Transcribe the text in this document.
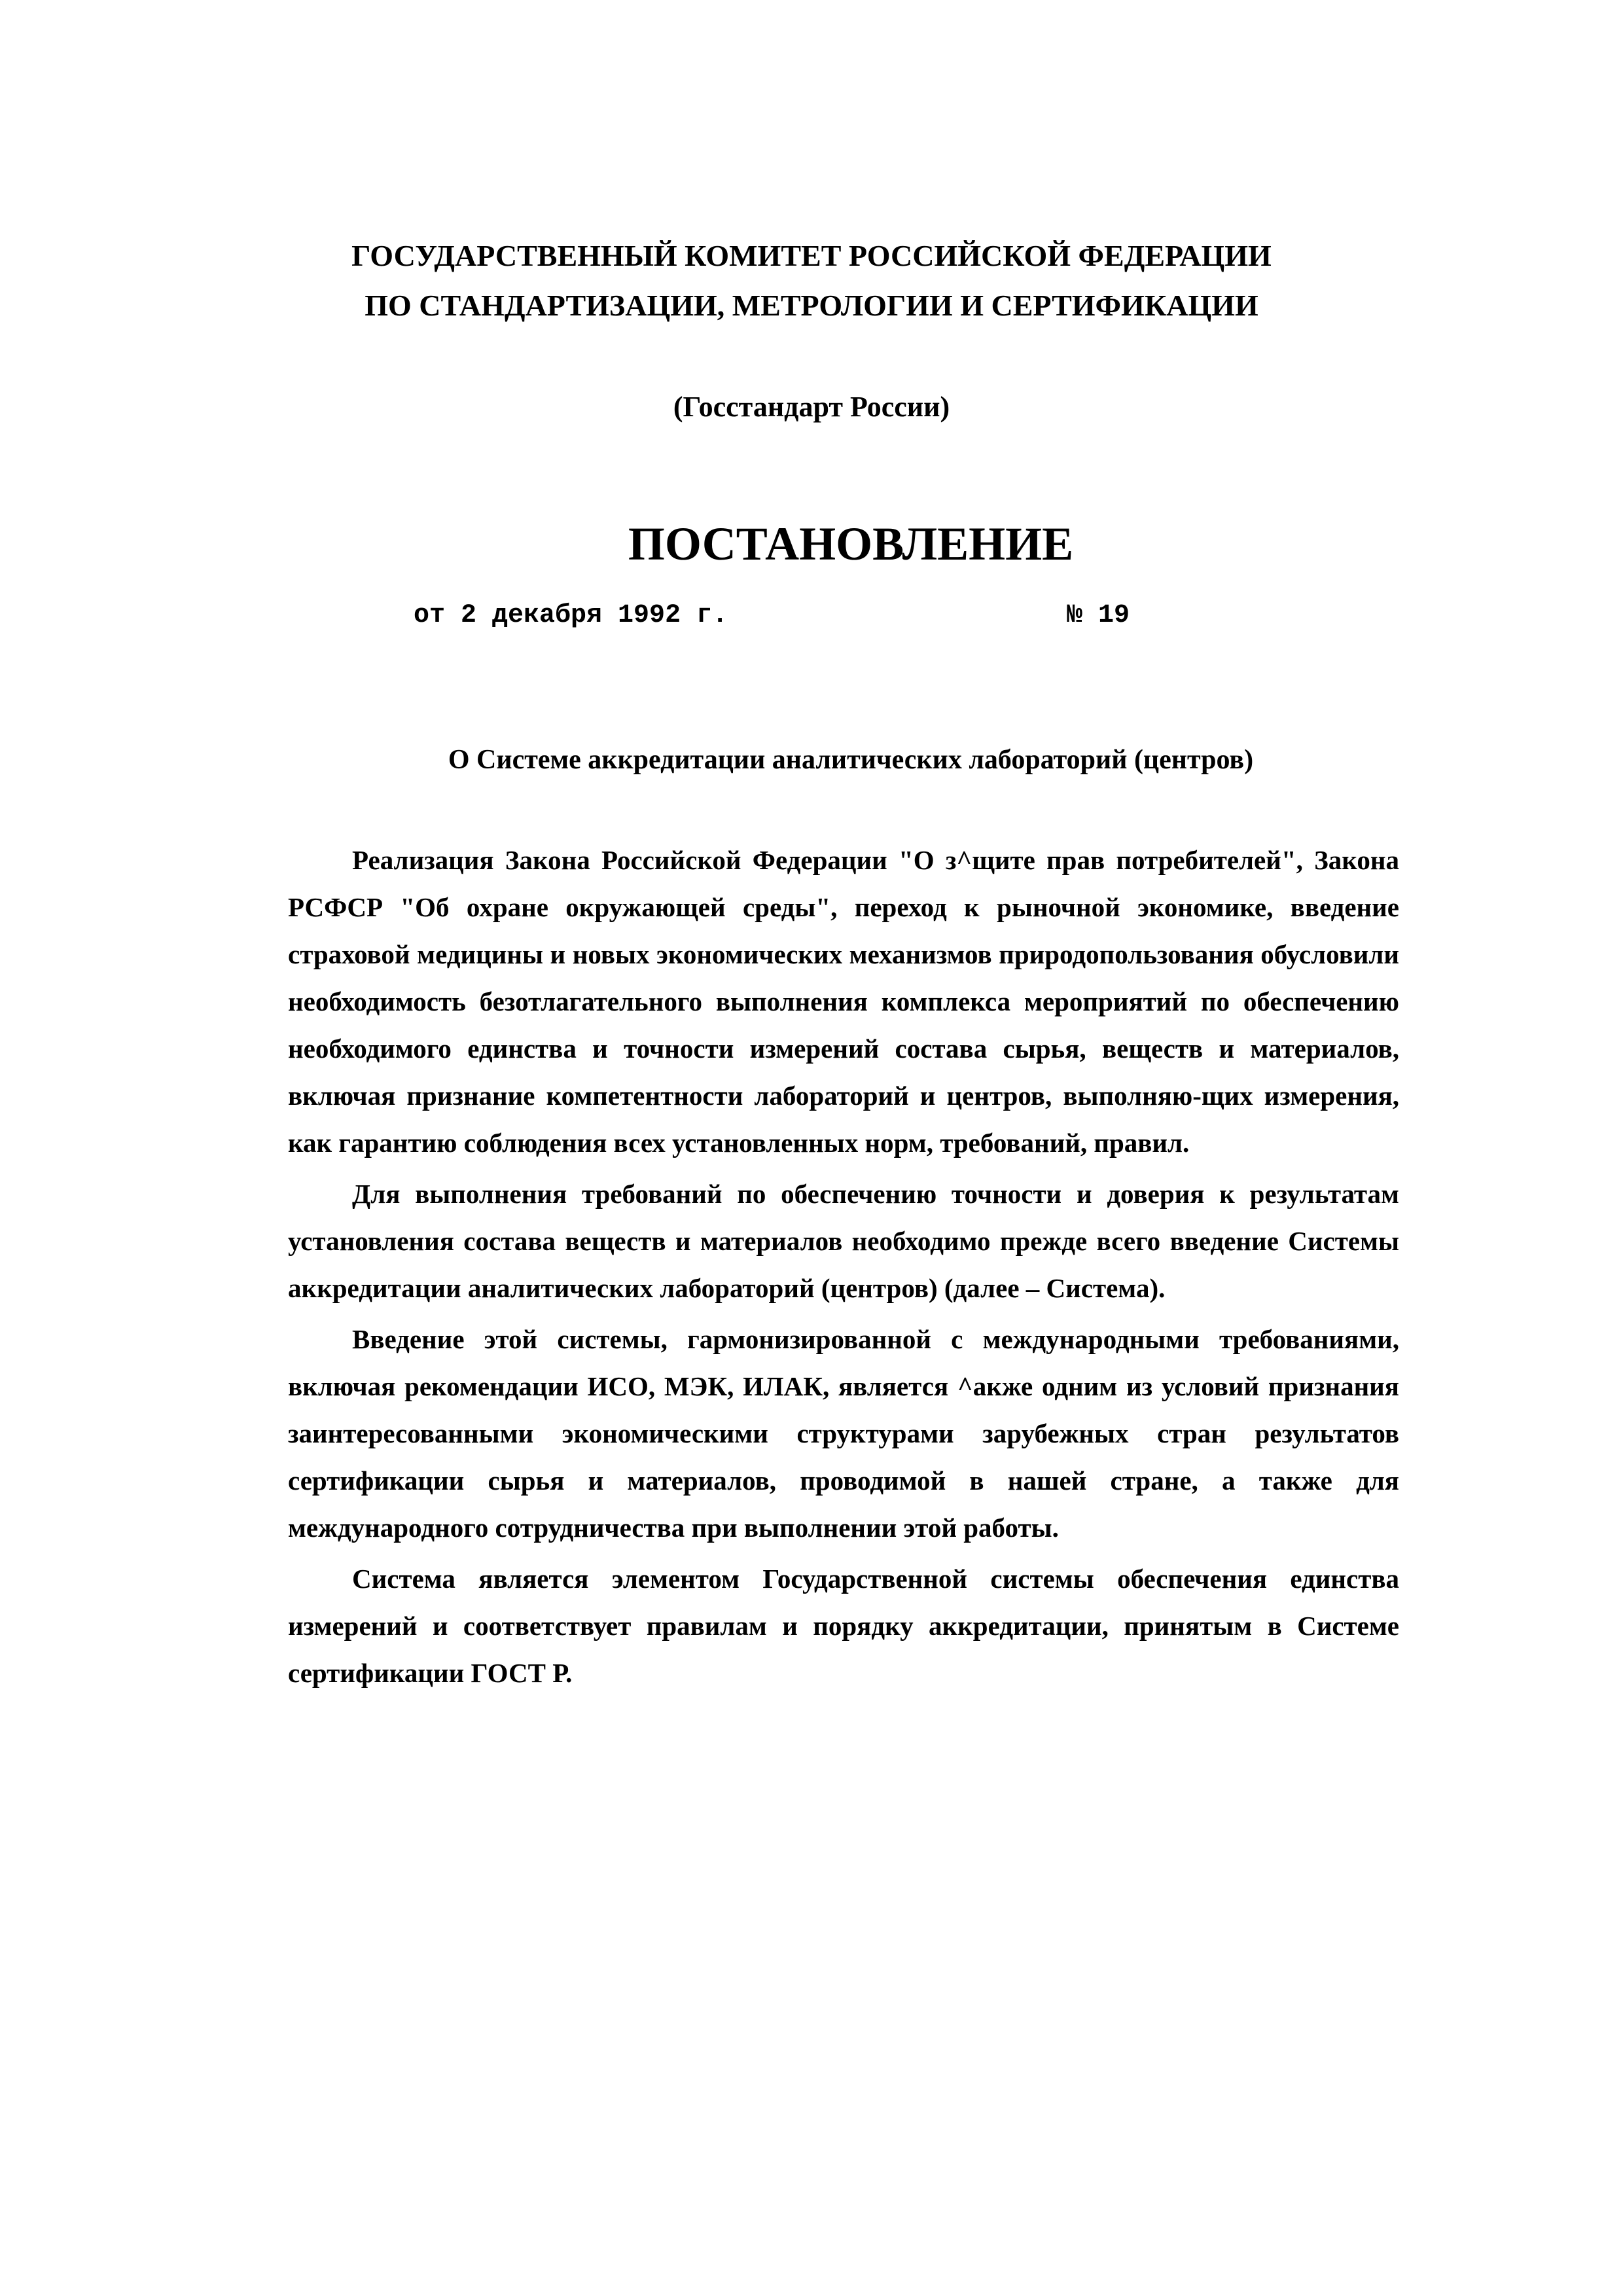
ГОСУДАРСТВЕННЫЙ КОМИТЕТ РОССИЙСКОЙ ФЕДЕРАЦИИ
ПО СТАНДАРТИЗАЦИИ, МЕТРОЛОГИИ И СЕРТИФИКАЦИИ
(Госстандарт России)
ПОСТАНОВЛЕНИЕ
от 2 декабря 1992 г.	№ 19
О Системе аккредитации аналитических лабораторий (центров)

Реализация Закона Российской Федерации "О з^щите прав потребителей", Закона РСФСР "Об охране окружающей среды", переход к рыночной экономике, введение страховой медицины и новых экономических механизмов природопользования обусловили необходимость безотлагательного выполнения комплекса мероприятий по обеспечению необходимого единства и точности измерений состава сырья, веществ и материалов, включая признание компетентности лабораторий и центров, выполняю-щих измерения, как гарантию соблюдения всех установленных норм, требований, правил.

Для выполнения требований по обеспечению точности и доверия к результатам установления состава веществ и материалов необходимо прежде всего введение Системы аккредитации аналитических лабораторий (центров) (далее – Система).

Введение этой системы, гармонизированной с международными требованиями, включая рекомендации ИСО, МЭК, ИЛАК, является ^акже одним из условий признания заинтересованными экономическими структурами зарубежных стран результатов сертификации сырья и материалов, проводимой в нашей стране, а также для международного сотрудничества при выполнении этой работы.

Система является элементом Государственной системы обеспечения единства измерений и соответствует правилам и порядку аккредитации, принятым в Системе сертификации ГОСТ Р.
